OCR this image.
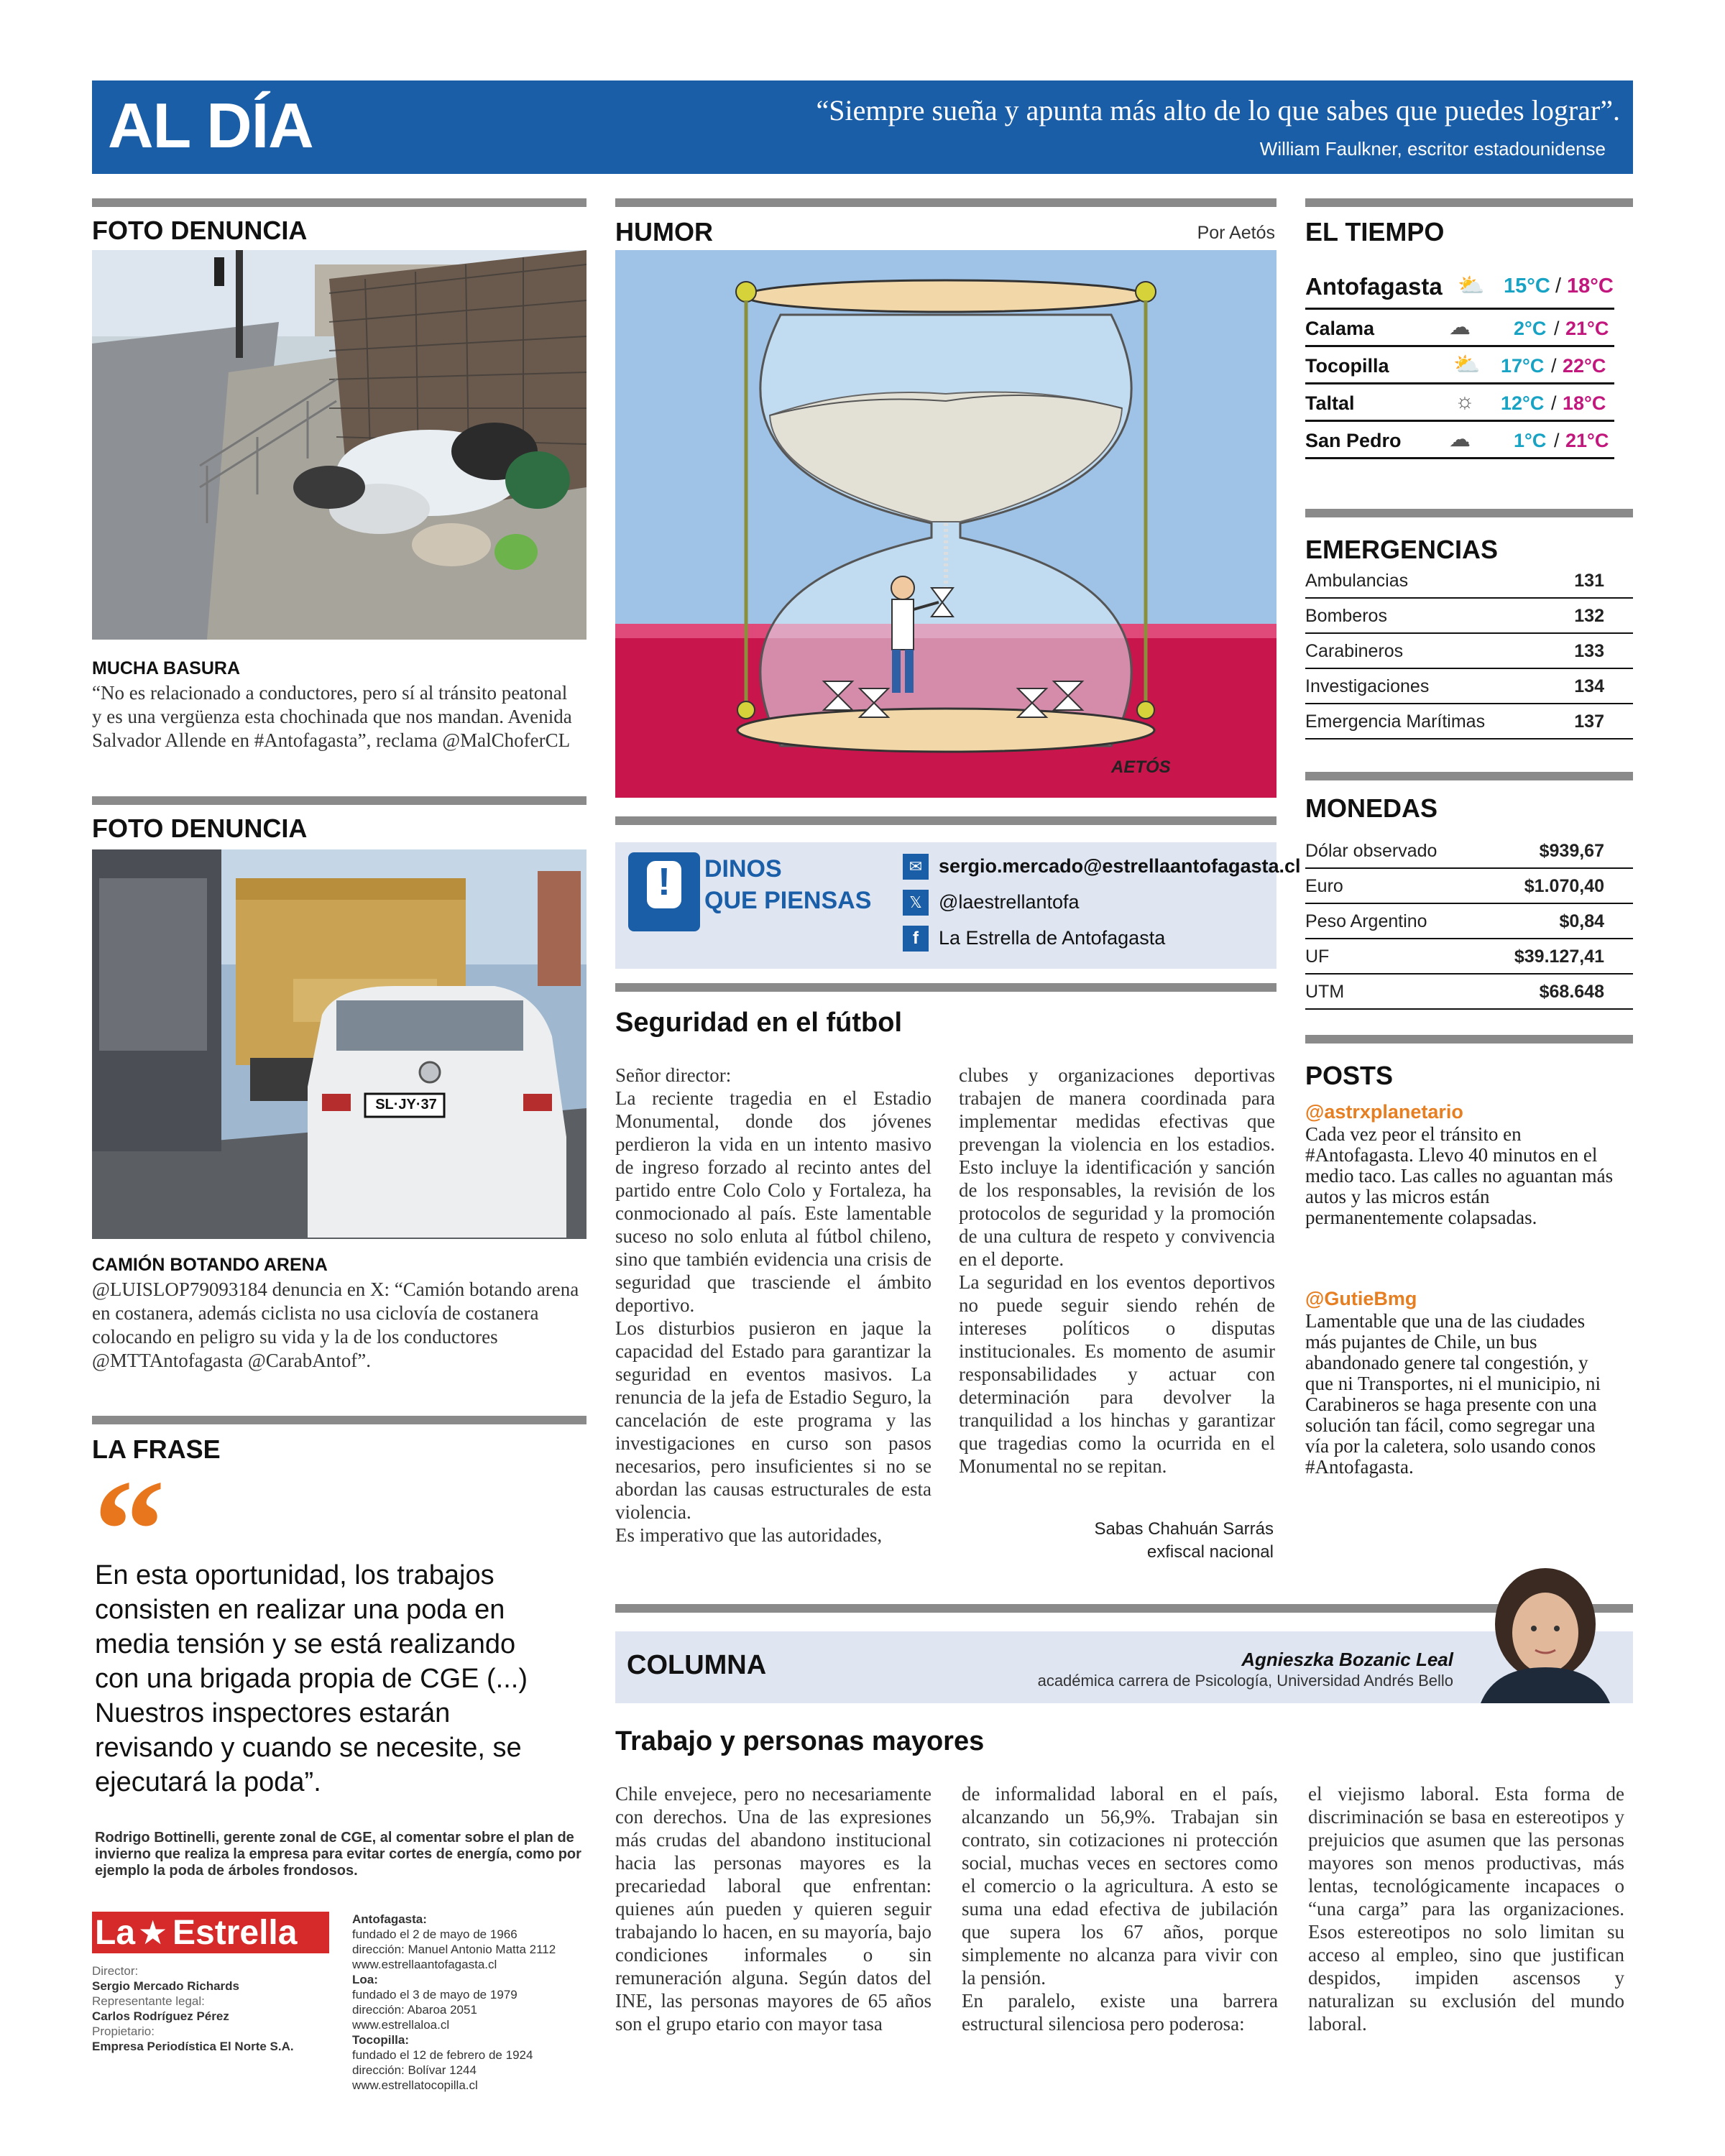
AL DÍA	“Siempre sueña y apunta más alto de lo que sabes que puedes lograr”.
William Faulkner, escritor estadounidense
FOTO DENUNCIA
MUCHA BASURA
“No es relacionado a conductores, pero sí al tránsito peatonal y es una vergüenza esta chochinada que nos mandan. Avenida Salvador Allende en #Antofagasta”, reclama @MalChoferCL
FOTO DENUNCIA
SL·JY·37
CAMIÓN BOTANDO ARENA
@LUISLOP79093184 denuncia en X: “Camión botando arena en costanera, además ciclista no usa ciclovía de costanera colocando en peligro su vida y la de los conductores @MTTAntofagasta @CarabAntof”.
LA FRASE
“
En esta oportunidad, los trabajos consisten en realizar una poda en media tensión y se está realizando con una brigada propia de CGE (...) Nuestros inspectores estarán revisando y cuando se necesite, se ejecutará la poda”.
Rodrigo Bottinelli, gerente zonal de CGE, al comentar sobre el plan de invierno que realiza la empresa para evitar cortes de energía, como por ejemplo la poda de árboles frondosos.
La ★ Estrella
Director:
Sergio Mercado Richards
Representante legal:
Carlos Rodríguez Pérez
Propietario:
Empresa Periodística El Norte S.A.
Antofagasta:
fundado el 2 de mayo de 1966
dirección: Manuel Antonio Matta 2112
www.estrellaantofagasta.cl
Loa:
fundado el 3 de mayo de 1979
dirección: Abaroa 2051
www.estrellaloa.cl
Tocopilla:
fundado el 12 de febrero de 1924
dirección: Bolívar 1244
www.estrellatocopilla.cl
HUMOR	Por Aetós
AETÓS
!	DINOS
QUE PIENSAS
✉ sergio.mercado@estrellaantofagasta.cl
𝕏 @laestrellantofa
f	La Estrella de Antofagasta
Seguridad en el fútbol
Señor director:
La reciente tragedia en el Estadio Monumental, donde dos jóvenes perdieron la vida en un intento masivo de ingreso forzado al recinto antes del partido entre Colo Colo y Fortaleza, ha conmocionado al país. Este lamentable suceso no solo enluta al fútbol chileno, sino que también evidencia una crisis de seguridad que trasciende el ámbito deportivo.
Los disturbios pusieron en jaque la capacidad del Estado para garantizar la seguridad en eventos masivos. La renuncia de la jefa de Estadio Seguro, la cancelación de este programa y las investigaciones en curso son pasos necesarios, pero insuficientes si no se abordan las causas estructurales de esta violencia.
Es imperativo que las autoridades,
clubes y organizaciones deportivas trabajen de manera coordinada para implementar medidas efectivas que prevengan la violencia en los estadios. Esto incluye la identificación y sanción de los responsables, la revisión de los protocolos de seguridad y la promoción de una cultura de respeto y convivencia en el deporte.
La seguridad en los eventos deportivos no puede seguir siendo rehén de intereses políticos o disputas institucionales. Es momento de asumir responsabilidades y actuar con determinación para devolver la tranquilidad a los hinchas y garantizar que tragedias como la ocurrida en el Monumental no se repitan.
Sabas Chahuán Sarrás
exfiscal nacional
COLUMNA	Agnieszka Bozanic Leal
académica carrera de Psicología, Universidad Andrés Bello
Trabajo y personas mayores
Chile envejece, pero no necesariamente con derechos. Una de las expresiones más crudas del abandono institucional hacia las personas mayores es la precariedad laboral que enfrentan: quienes aún pueden y quieren seguir trabajando lo hacen, en su mayoría, bajo condiciones informales o sin remuneración alguna. Según datos del INE, las personas mayores de 65 años son el grupo etario con mayor tasa
de informalidad laboral en el país, alcanzando un 56,9%. Trabajan sin contrato, sin cotizaciones ni protección social, muchas veces en sectores como el comercio o la agricultura. A esto se suma una edad efectiva de jubilación que supera los 67 años, porque simplemente no alcanza para vivir con la pensión.
En paralelo, existe una barrera estructural silenciosa pero poderosa:
el viejismo laboral. Esta forma de discriminación se basa en estereotipos y prejuicios que asumen que las personas mayores son menos productivas, más lentas, tecnológicamente incapaces o “una carga” para las organizaciones. Esos estereotipos no solo limitan su acceso al empleo, sino que justifican despidos, impiden ascensos y naturalizan su exclusión del mundo laboral.
EL TIEMPO
Antofagasta ⛅ 15°C / 18°C
Calama	☁ 2°C / 21°C
Tocopilla	⛅ 17°C / 22°C
Taltal	☼ 12°C / 18°C
San Pedro ☁ 1°C / 21°C
EMERGENCIAS
Ambulancias	131
Bomberos	132
Carabineros	133
Investigaciones	134
Emergencia Marítimas	137
MONEDAS
Dólar observado	$939,67
Euro	$1.070,40
Peso Argentino	$0,84
UF	$39.127,41
UTM	$68.648
POSTS
@astrxplanetario
Cada vez peor el tránsito en #Antofagasta. Llevo 40 minutos en el medio taco. Las calles no aguantan más autos y las micros están permanentemente colapsadas.
@GutieBmg
Lamentable que una de las ciudades más pujantes de Chile, un bus abandonado genere tal congestión, y que ni Transportes, ni el municipio, ni Carabineros se haga presente con una solución tan fácil, como segregar una vía por la caletera, solo usando conos #Antofagasta.
